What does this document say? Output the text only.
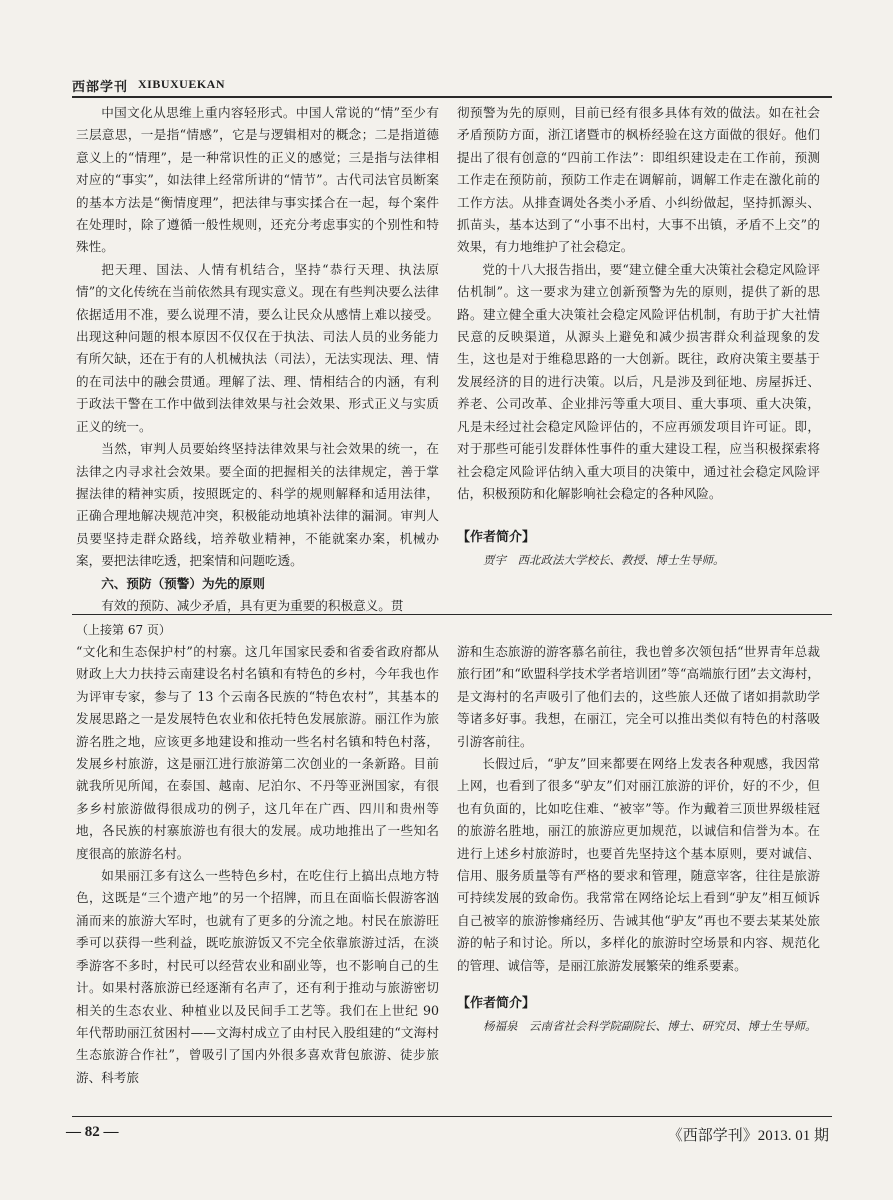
西部学刊 XIBUXUEKAN

中国文化从思维上重内容轻形式。中国人常说的“情”至少有三层意思，一是指“情感”，它是与逻辑相对的概念；二是指道德意义上的“情理”，是一种常识性的正义的感觉；三是指与法律相对应的“事实”，如法律上经常所讲的“情节”。古代司法官员断案的基本方法是“衡情度理”，把法律与事实揉合在一起，每个案件在处理时，除了遵循一般性规则，还充分考虑事实的个别性和特殊性。

把天理、国法、人情有机结合，坚持“恭行天理、执法原情”的文化传统在当前依然具有现实意义。现在有些判决要么法律依据适用不准，要么说理不清，要么让民众从感情上难以接受。出现这种问题的根本原因不仅仅在于执法、司法人员的业务能力有所欠缺，还在于有的人机械执法（司法），无法实现法、理、情的在司法中的融会贯通。理解了法、理、情相结合的内涵，有利于政法干警在工作中做到法律效果与社会效果、形式正义与实质正义的统一。

当然，审判人员要始终坚持法律效果与社会效果的统一，在法律之内寻求社会效果。要全面的把握相关的法律规定，善于掌握法律的精神实质，按照既定的、科学的规则解释和适用法律，正确合理地解决规范冲突，积极能动地填补法律的漏洞。审判人员要坚持走群众路线，培养敬业精神，不能就案办案，机械办案，要把法律吃透，把案情和问题吃透。

六、预防（预警）为先的原则

有效的预防、减少矛盾，具有更为重要的积极意义。贯

彻预警为先的原则，目前已经有很多具体有效的做法。如在社会矛盾预防方面，浙江诸暨市的枫桥经验在这方面做的很好。他们提出了很有创意的“四前工作法”：即组织建设走在工作前，预测工作走在预防前，预防工作走在调解前，调解工作走在激化前的工作方法。从排查调处各类小矛盾、小纠纷做起，坚持抓源头、抓苗头，基本达到了“小事不出村，大事不出镇，矛盾不上交”的效果，有力地维护了社会稳定。

党的十八大报告指出，要“建立健全重大决策社会稳定风险评估机制”。这一要求为建立创新预警为先的原则，提供了新的思路。建立健全重大决策社会稳定风险评估机制，有助于扩大社情民意的反映渠道，从源头上避免和减少损害群众利益现象的发生，这也是对于维稳思路的一大创新。既往，政府决策主要基于发展经济的目的进行决策。以后，凡是涉及到征地、房屋拆迁、养老、公司改革、企业排污等重大项目、重大事项、重大决策，凡是未经过社会稳定风险评估的，不应再颁发项目许可证。即，对于那些可能引发群体性事件的重大建设工程，应当积极探索将社会稳定风险评估纳入重大项目的决策中，通过社会稳定风险评估，积极预防和化解影响社会稳定的各种风险。

【作者简介】

贾宇　西北政法大学校长、教授、博士生导师。

（上接第 67 页）

“文化和生态保护村”的村寨。这几年国家民委和省委省政府都从财政上大力扶持云南建设名村名镇和有特色的乡村，今年我也作为评审专家，参与了 13 个云南各民族的“特色农村”，其基本的发展思路之一是发展特色农业和依托特色发展旅游。丽江作为旅游名胜之地，应该更多地建设和推动一些名村名镇和特色村落，发展乡村旅游，这是丽江进行旅游第二次创业的一条新路。目前就我所见所闻，在泰国、越南、尼泊尔、不丹等亚洲国家，有很多乡村旅游做得很成功的例子，这几年在广西、四川和贵州等地，各民族的村寨旅游也有很大的发展。成功地推出了一些知名度很高的旅游名村。

如果丽江多有这么一些特色乡村，在吃住行上搞出点地方特色，这既是“三个遗产地”的另一个招牌，而且在面临长假游客汹涌而来的旅游大军时，也就有了更多的分流之地。村民在旅游旺季可以获得一些利益，既吃旅游饭又不完全依靠旅游过活，在淡季游客不多时，村民可以经营农业和副业等，也不影响自己的生计。如果村落旅游已经逐渐有名声了，还有利于推动与旅游密切相关的生态农业、种植业以及民间手工艺等。我们在上世纪 90 年代帮助丽江贫困村——文海村成立了由村民入股组建的“文海村生态旅游合作社”，曾吸引了国内外很多喜欢背包旅游、徒步旅游、科考旅

游和生态旅游的游客慕名前往，我也曾多次领包括“世界青年总裁旅行团”和“欧盟科学技术学者培训团”等“高端旅行团”去文海村，是文海村的名声吸引了他们去的，这些旅人还做了诸如捐款助学等诸多好事。我想，在丽江，完全可以推出类似有特色的村落吸引游客前往。

长假过后，“驴友”回来都要在网络上发表各种观感，我因常上网，也看到了很多“驴友”们对丽江旅游的评价，好的不少，但也有负面的，比如吃住难、“被宰”等。作为戴着三顶世界级桂冠的旅游名胜地，丽江的旅游应更加规范，以诚信和信誉为本。在进行上述乡村旅游时，也要首先坚持这个基本原则，要对诚信、信用、服务质量等有严格的要求和管理，随意宰客，往往是旅游可持续发展的致命伤。我常常在网络论坛上看到“驴友”相互倾诉自己被宰的旅游惨痛经历、告诫其他“驴友”再也不要去某某处旅游的帖子和讨论。所以，多样化的旅游时空场景和内容、规范化的管理、诚信等，是丽江旅游发展繁荣的维系要素。

【作者简介】

杨福泉　云南省社会科学院副院长、博士、研究员、博士生导师。

— 82 —	《西部学刊》2013. 01 期
